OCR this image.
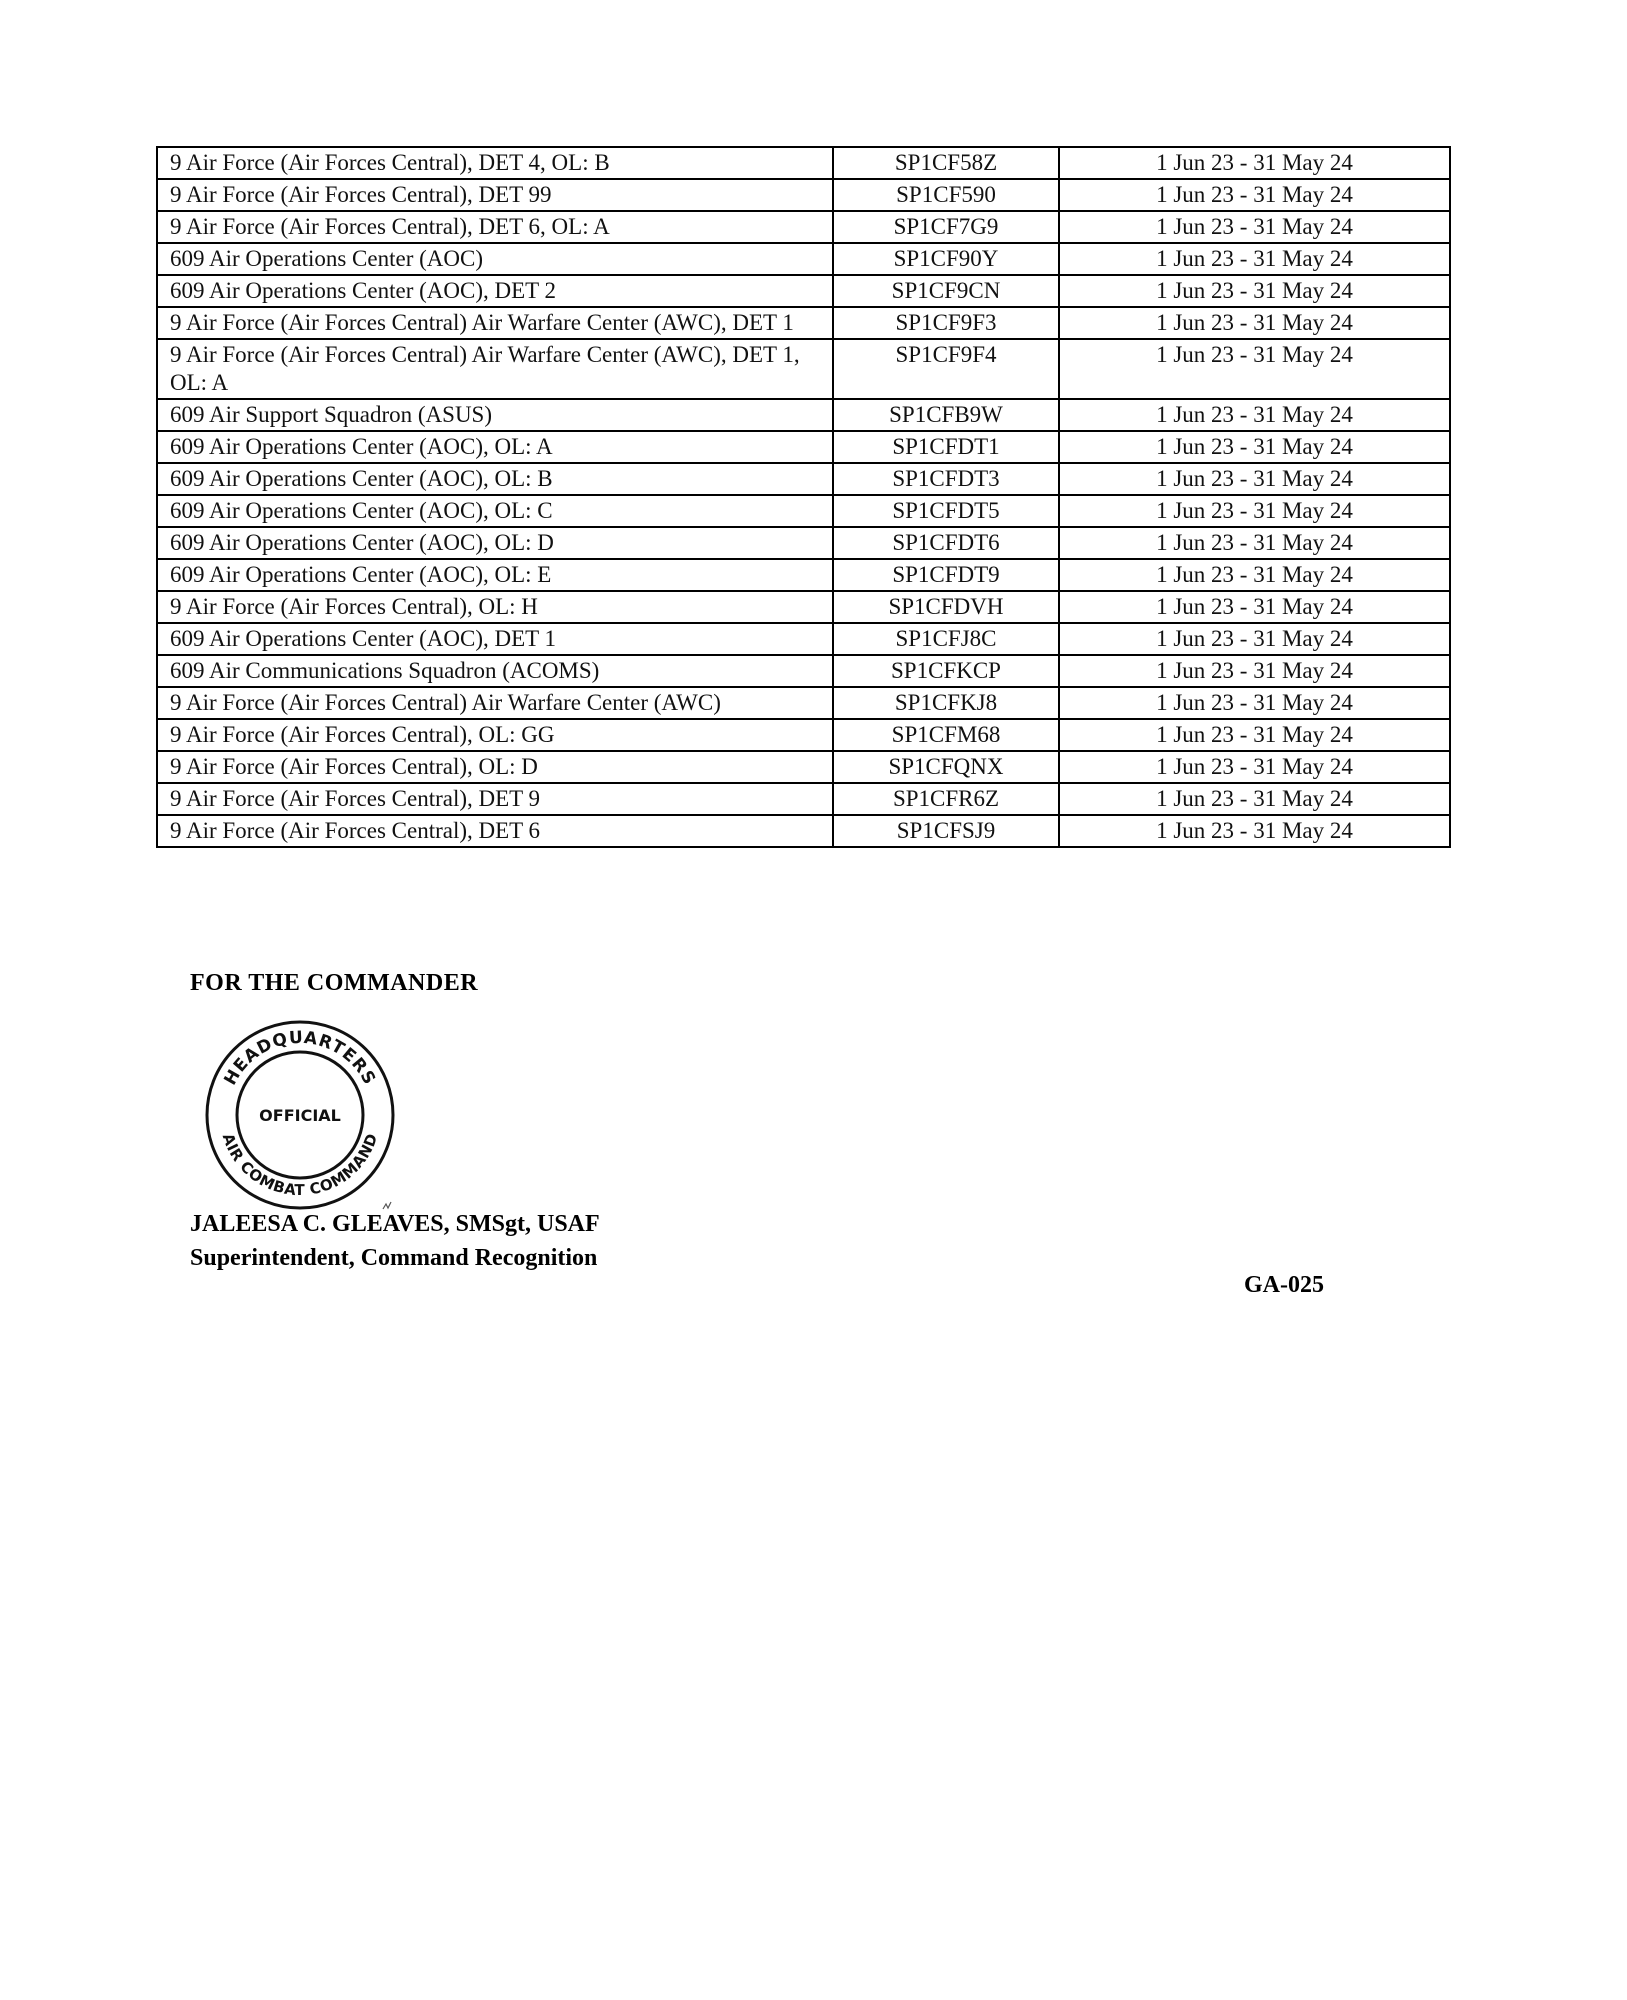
9 Air Force (Air Forces Central), DET 4, OL: B	SP1CF58Z	1 Jun 23 - 31 May 24
9 Air Force (Air Forces Central), DET 99	SP1CF590	1 Jun 23 - 31 May 24
9 Air Force (Air Forces Central), DET 6, OL: A	SP1CF7G9	1 Jun 23 - 31 May 24
609 Air Operations Center (AOC)	SP1CF90Y	1 Jun 23 - 31 May 24
609 Air Operations Center (AOC), DET 2	SP1CF9CN	1 Jun 23 - 31 May 24
9 Air Force (Air Forces Central) Air Warfare Center (AWC), DET 1	SP1CF9F3	1 Jun 23 - 31 May 24
9 Air Force (Air Forces Central) Air Warfare Center (AWC), DET 1, OL: A	SP1CF9F4	1 Jun 23 - 31 May 24
609 Air Support Squadron (ASUS)	SP1CFB9W	1 Jun 23 - 31 May 24
609 Air Operations Center (AOC), OL: A	SP1CFDT1	1 Jun 23 - 31 May 24
609 Air Operations Center (AOC), OL: B	SP1CFDT3	1 Jun 23 - 31 May 24
609 Air Operations Center (AOC), OL: C	SP1CFDT5	1 Jun 23 - 31 May 24
609 Air Operations Center (AOC), OL: D	SP1CFDT6	1 Jun 23 - 31 May 24
609 Air Operations Center (AOC), OL: E	SP1CFDT9	1 Jun 23 - 31 May 24
9 Air Force (Air Forces Central), OL: H	SP1CFDVH	1 Jun 23 - 31 May 24
609 Air Operations Center (AOC), DET 1	SP1CFJ8C	1 Jun 23 - 31 May 24
609 Air Communications Squadron (ACOMS)	SP1CFKCP	1 Jun 23 - 31 May 24
9 Air Force (Air Forces Central) Air Warfare Center (AWC)	SP1CFKJ8	1 Jun 23 - 31 May 24
9 Air Force (Air Forces Central), OL: GG	SP1CFM68	1 Jun 23 - 31 May 24
9 Air Force (Air Forces Central), OL: D	SP1CFQNX	1 Jun 23 - 31 May 24
9 Air Force (Air Forces Central), DET 9	SP1CFR6Z	1 Jun 23 - 31 May 24
9 Air Force (Air Forces Central), DET 6	SP1CFSJ9	1 Jun 23 - 31 May 24
FOR THE COMMANDER
HEADQUARTERS
AIR COMBAT COMMAND
OFFICIAL
JALEESA C. GLEAVES, SMSgt, USAF
Superintendent, Command Recognition
GA-025
